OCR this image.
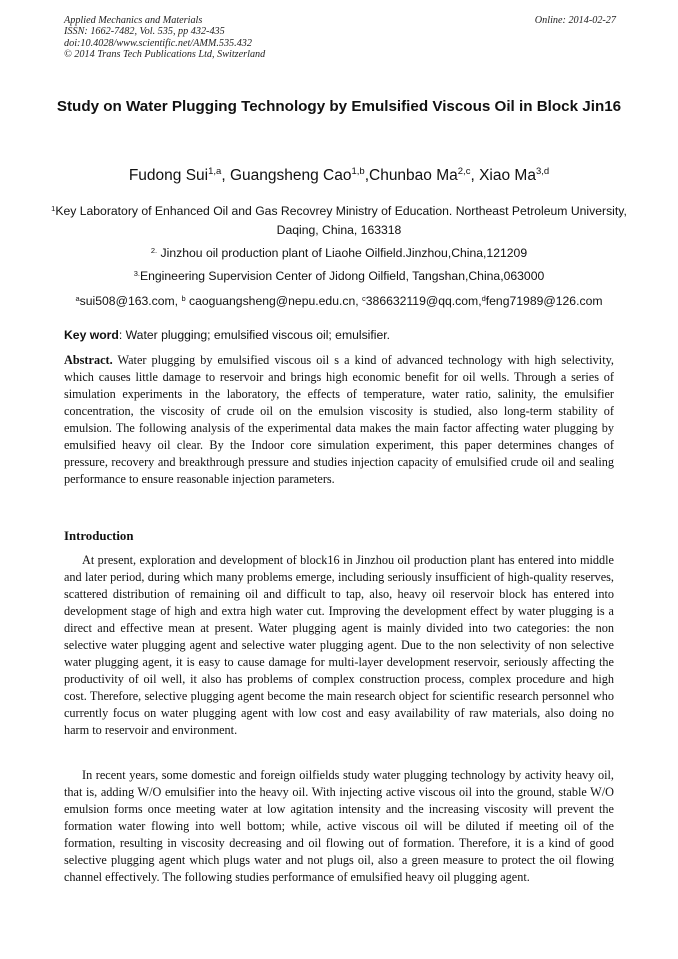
Applied Mechanics and Materials
ISSN: 1662-7482, Vol. 535, pp 432-435
doi:10.4028/www.scientific.net/AMM.535.432
© 2014 Trans Tech Publications Ltd, Switzerland
Online: 2014-02-27
Study on Water Plugging Technology by Emulsified Viscous Oil in Block Jin16
Fudong Sui$^{1,a}$, Guangsheng Cao$^{1,b}$,Chunbao Ma$^{2,c}$, Xiao Ma$^{3,d}$
$^1$Key Laboratory of Enhanced Oil and Gas Recovrey Ministry of Education. Northeast Petroleum University, Daqing, China, 163318
$^{2.}$ Jinzhou oil production plant of Liaohe Oilfield.Jinzhou,China,121209
$^{3.}$Engineering Supervision Center of Jidong Oilfield, Tangshan,China,063000
$^a$sui508@163.com, $^b$ caoguangsheng@nepu.edu.cn, $^c$386632119@qq.com,$^d$feng71989@126.com
Key word: Water plugging; emulsified viscous oil; emulsifier.
Abstract. Water plugging by emulsified viscous oil s a kind of advanced technology with high selectivity, which causes little damage to reservoir and brings high economic benefit for oil wells. Through a series of simulation experiments in the laboratory, the effects of temperature, water ratio, salinity, the emulsifier concentration, the viscosity of crude oil on the emulsion viscosity is studied, also long-term stability of emulsion. The following analysis of the experimental data makes the main factor affecting water plugging by emulsified heavy oil clear. By the Indoor core simulation experiment, this paper determines changes of pressure, recovery and breakthrough pressure and studies injection capacity of emulsified crude oil and sealing performance to ensure reasonable injection parameters.
Introduction
At present, exploration and development of block16 in Jinzhou oil production plant has entered into middle and later period, during which many problems emerge, including seriously insufficient of high-quality reserves, scattered distribution of remaining oil and difficult to tap, also, heavy oil reservoir block has entered into development stage of high and extra high water cut. Improving the development effect by water plugging is a direct and effective mean at present. Water plugging agent is mainly divided into two categories: the non selective water plugging agent and selective water plugging agent. Due to the non selectivity of non selective water plugging agent, it is easy to cause damage for multi-layer development reservoir, seriously affecting the productivity of oil well, it also has problems of complex construction process, complex procedure and high cost. Therefore, selective plugging agent become the main research object for scientific research personnel who currently focus on water plugging agent with low cost and easy availability of raw materials, also doing no harm to reservoir and environment.
In recent years, some domestic and foreign oilfields study water plugging technology by activity heavy oil, that is, adding W/O emulsifier into the heavy oil. With injecting active viscous oil into the ground, stable W/O emulsion forms once meeting water at low agitation intensity and the increasing viscosity will prevent the formation water flowing into well bottom; while, active viscous oil will be diluted if meeting oil of the formation, resulting in viscosity decreasing and oil flowing out of formation. Therefore, it is a kind of good selective plugging agent which plugs water and not plugs oil, also a green measure to protect the oil flowing channel effectively. The following studies performance of emulsified heavy oil plugging agent.
